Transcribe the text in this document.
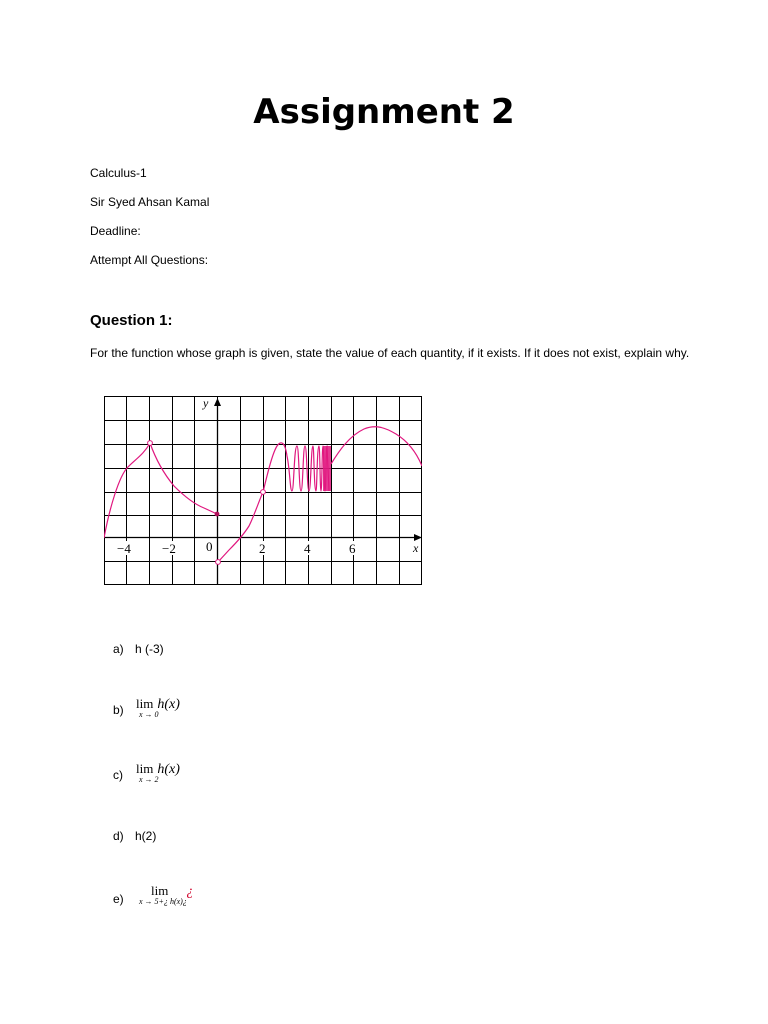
Assignment 2
Calculus-1
Sir Syed Ahsan Kamal
Deadline:
Attempt All Questions:
Question 1:
For the function whose graph is given, state the value of each quantity, if it exists. If it does not exist, explain why.
y
x
−4 −2 0	2	4	6
a) h (-3)
b) lim h(x)
x → 0
c) lim h(x)
x → 2
d) h(2)
e)
lim ¿
x → 5+¿ h(x)¿
